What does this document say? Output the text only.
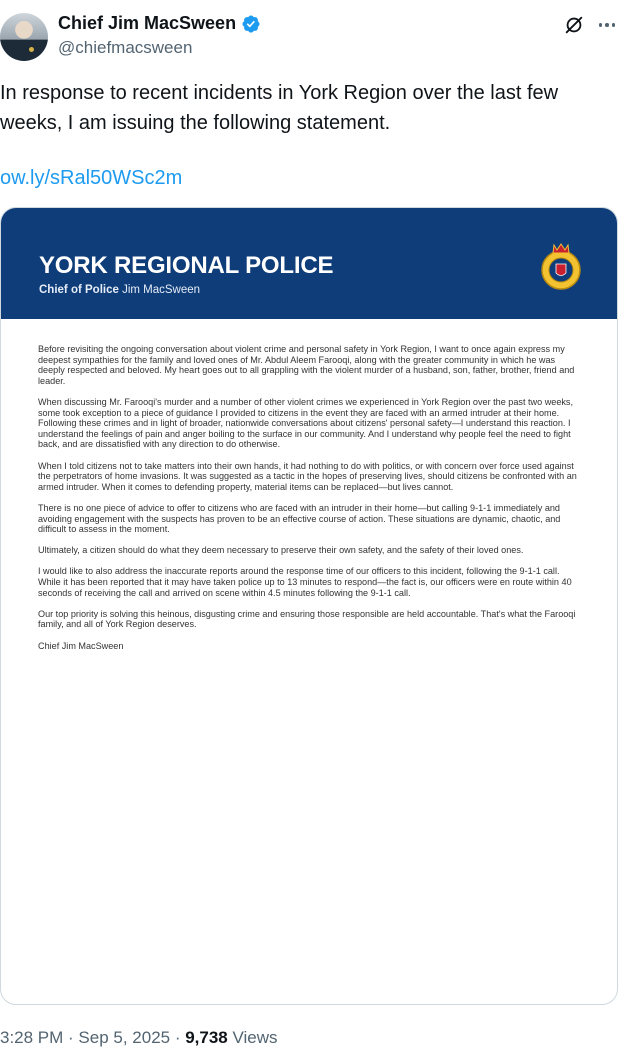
Chief Jim MacSween
@chiefmacsween
In response to recent incidents in York Region over the last few weeks, I am issuing the following statement.
ow.ly/sRal50WSc2m
YORK REGIONAL POLICE
Chief of Police Jim MacSween

Before revisiting the ongoing conversation about violent crime and personal safety in York Region, I want to once again express my deepest sympathies for the family and loved ones of Mr. Abdul Aleem Farooqi, along with the greater community in which he was deeply respected and beloved. My heart goes out to all grappling with the violent murder of a husband, son, father, brother, friend and leader.

When discussing Mr. Farooqi's murder and a number of other violent crimes we experienced in York Region over the past two weeks, some took exception to a piece of guidance I provided to citizens in the event they are faced with an armed intruder at their home. Following these crimes and in light of broader, nationwide conversations about citizens' personal safety—I understand this reaction. I understand the feelings of pain and anger boiling to the surface in our community. And I understand why people feel the need to fight back, and are dissatisfied with any direction to do otherwise.

When I told citizens not to take matters into their own hands, it had nothing to do with politics, or with concern over force used against the perpetrators of home invasions. It was suggested as a tactic in the hopes of preserving lives, should citizens be confronted with an armed intruder. When it comes to defending property, material items can be replaced—but lives cannot.

There is no one piece of advice to offer to citizens who are faced with an intruder in their home—but calling 9-1-1 immediately and avoiding engagement with the suspects has proven to be an effective course of action. These situations are dynamic, chaotic, and difficult to assess in the moment.

Ultimately, a citizen should do what they deem necessary to preserve their own safety, and the safety of their loved ones.

I would like to also address the inaccurate reports around the response time of our officers to this incident, following the 9-1-1 call. While it has been reported that it may have taken police up to 13 minutes to respond—the fact is, our officers were en route within 40 seconds of receiving the call and arrived on scene within 4.5 minutes following the 9-1-1 call.

Our top priority is solving this heinous, disgusting crime and ensuring those responsible are held accountable. That's what the Farooqi family, and all of York Region deserves.

Chief Jim MacSween

3:28 PM · Sep 5, 2025 · 9,738 Views
